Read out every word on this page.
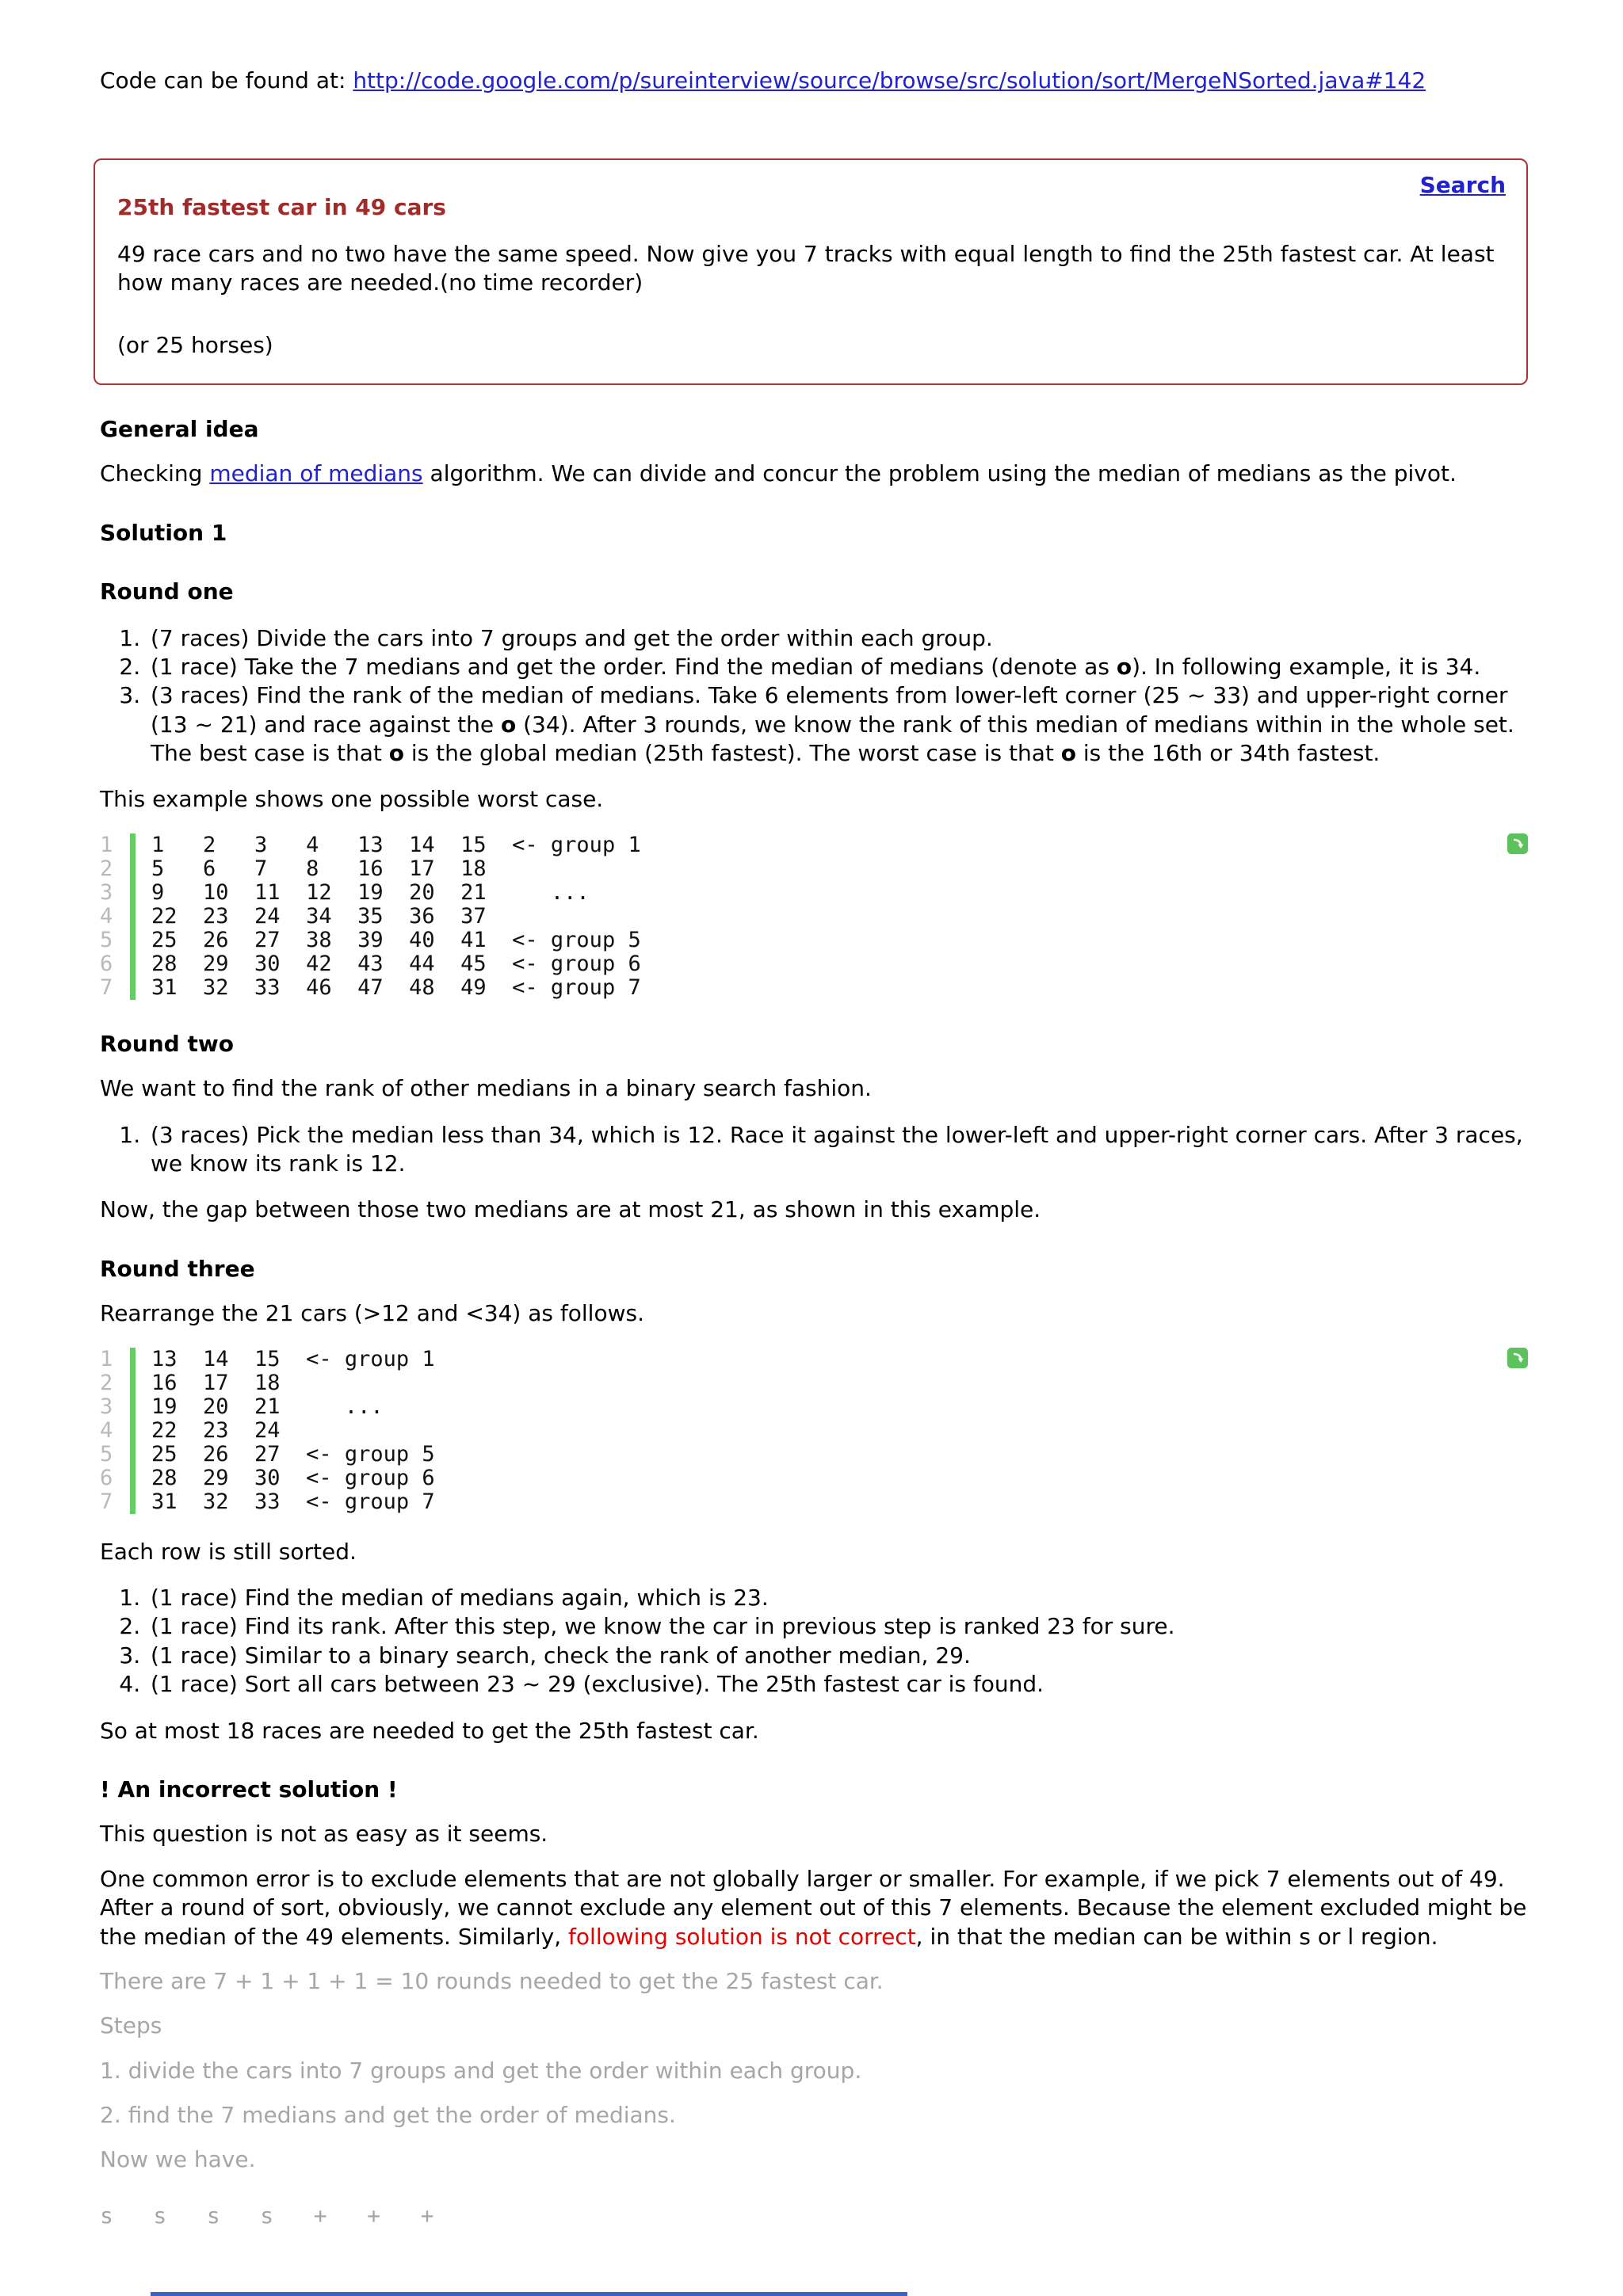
Code can be found at: http://code.google.com/p/sureinterview/source/browse/src/solution/sort/MergeNSorted.java#142

Search
25th fastest car in 49 cars

49 race cars and no two have the same speed. Now give you 7 tracks with equal length to find the 25th fastest car. At least how many races are needed.(no time recorder)

(or 25 horses)

General idea

Checking median of medians algorithm. We can divide and concur the problem using the median of medians as the pivot.

Solution 1

Round one

1. (7 races) Divide the cars into 7 groups and get the order within each group.
2. (1 race) Take the 7 medians and get the order. Find the median of medians (denote as o). In following example, it is 34.
3. (3 races) Find the rank of the median of medians. Take 6 elements from lower-left corner (25 ~ 33) and upper-right corner (13 ~ 21) and race against the o (34). After 3 rounds, we know the rank of this median of medians within in the whole set. The best case is that o is the global median (25th fastest). The worst case is that o is the 16th or 34th fastest.

This example shows one possible worst case.

1	1   2   3   4   13  14  15  <- group 1
2	5   6   7   8   16  17  18
3	9   10  11  12  19  20  21     ...
4	22  23  24  34  35  36  37
5	25  26  27  38  39  40  41  <- group 5
6	28  29  30  42  43  44  45  <- group 6
7	31  32  33  46  47  48  49  <- group 7

Round two

We want to find the rank of other medians in a binary search fashion.

1. (3 races) Pick the median less than 34, which is 12. Race it against the lower-left and upper-right corner cars. After 3 races, we know its rank is 12.

Now, the gap between those two medians are at most 21, as shown in this example.

Round three

Rearrange the 21 cars (>12 and <34) as follows.

1	13  14  15  <- group 1
2	16  17  18
3	19  20  21     ...
4	22  23  24
5	25  26  27  <- group 5
6	28  29  30  <- group 6
7	31  32  33  <- group 7

Each row is still sorted.

1. (1 race) Find the median of medians again, which is 23.
2. (1 race) Find its rank. After this step, we know the car in previous step is ranked 23 for sure.
3. (1 race) Similar to a binary search, check the rank of another median, 29.
4. (1 race) Sort all cars between 23 ~ 29 (exclusive). The 25th fastest car is found.

So at most 18 races are needed to get the 25th fastest car.

! An incorrect solution !

This question is not as easy as it seems.

One common error is to exclude elements that are not globally larger or smaller. For example, if we pick 7 elements out of 49. After a round of sort, obviously, we cannot exclude any element out of this 7 elements. Because the element excluded might be the median of the 49 elements. Similarly, following solution is not correct, in that the median can be within s or l region.

There are 7 + 1 + 1 + 1 = 10 rounds needed to get the 25 fastest car.

Steps

1. divide the cars into 7 groups and get the order within each group.

2. find the 7 medians and get the order of medians.

Now we have.

s   s   s   s   +   +   +
